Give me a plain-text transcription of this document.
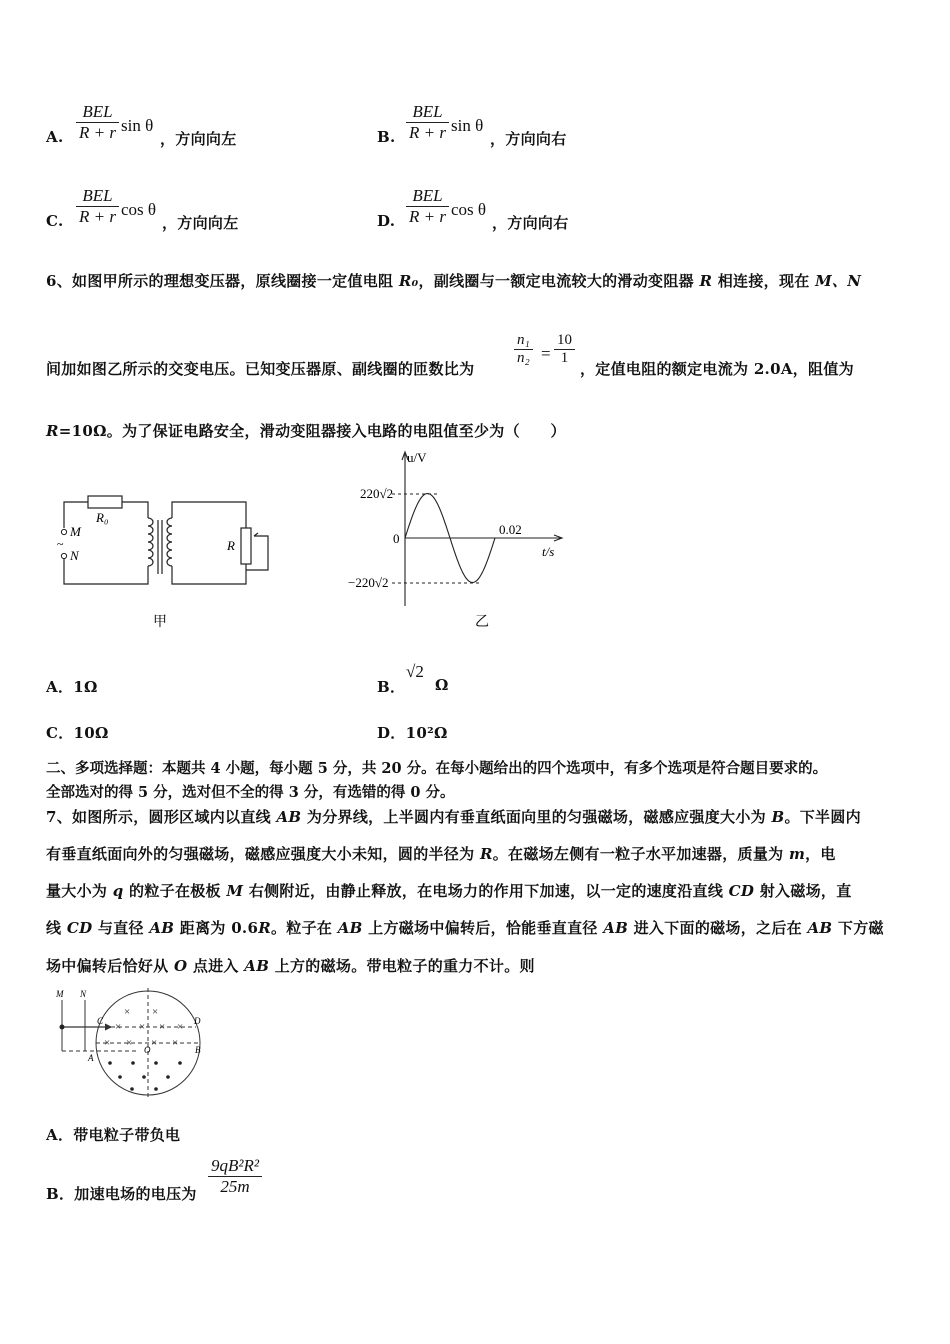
A.
BEL
R + r sin θ
，方向向左	B.
BEL
R + r sin θ
，方向向右
C.
BEL
R + r cos θ
，方向向左	D.
BEL
R + r cos θ
，方向向右
6、如图甲所示的理想变压器，原线圈接一定值电阻 R₀，副线圈与一额定电流较大的滑动变阻器 R 相连接，现在 M、N
间加如图乙所示的交变电压。已知变压器原、副线圈的匝数比为
n₁
n₂ =
10
1
，定值电阻的额定电流为 2.0A，阻值为
R=10Ω。为了保证电路安全，滑动变阻器接入电路的电阻值至少为（　　）
R₀
M
N
~	R
甲
u/V
t/s
220√2
−220√2
0
0.02
乙
A．1Ω	B．
√2
Ω
C．10Ω	D．10²Ω
二、多项选择题：本题共 4 小题，每小题 5 分，共 20 分。在每小题给出的四个选项中，有多个选项是符合题目要求的。
全部选对的得 5 分，选对但不全的得 3 分，有选错的得 0 分。
7、如图所示，圆形区域内以直线 AB 为分界线，上半圆内有垂直纸面向里的匀强磁场，磁感应强度大小为 B。下半圆内
有垂直纸面向外的匀强磁场，磁感应强度大小未知，圆的半径为 R。在磁场左侧有一粒子水平加速器，质量为 m，电
量大小为 q 的粒子在极板 M 右侧附近，由静止释放，在电场力的作用下加速，以一定的速度沿直线 CD 射入磁场，直
线 CD 与直径 AB 距离为 0.6R。粒子在 AB 上方磁场中偏转后，恰能垂直直径 AB 进入下面的磁场，之后在 AB 下方磁
场中偏转后恰好从 O 点进入 AB 上方的磁场。带电粒子的重力不计。则
M N
C	D
A
B
O
× ×
× × × ×
× × × ×
A．带电粒子带负电
B．加速电场的电压为
9qB²R²
25m
